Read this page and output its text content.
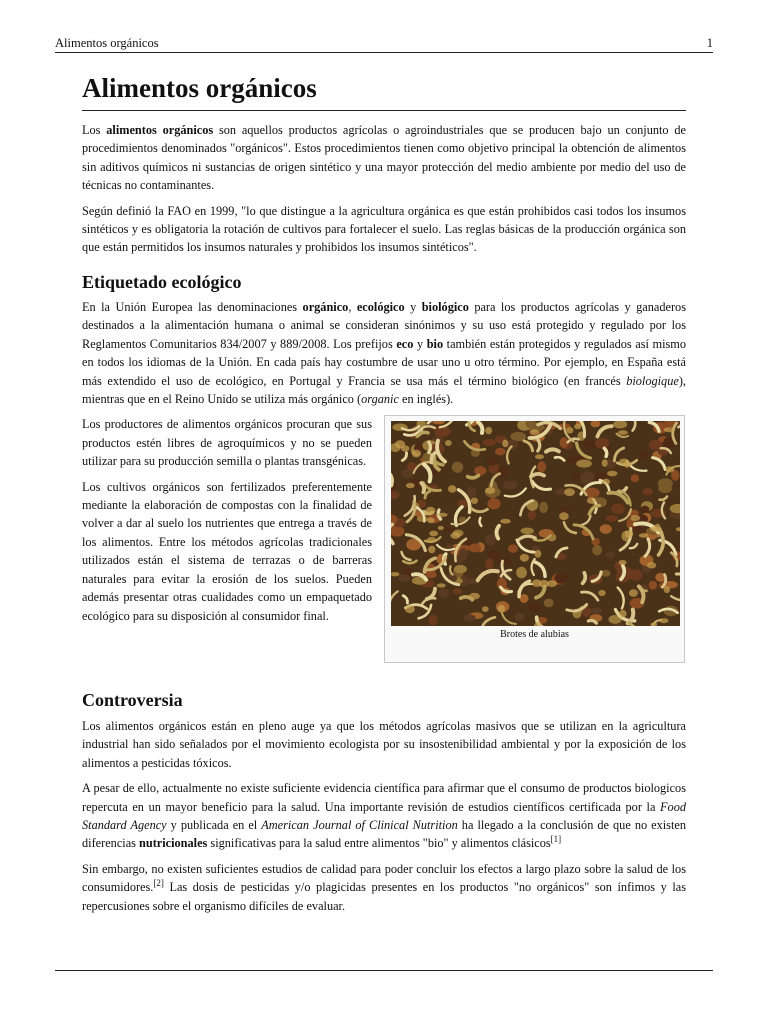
Alimentos orgánicos	1
Alimentos orgánicos

Los alimentos orgánicos son aquellos productos agrícolas o agroindustriales que se producen bajo un conjunto de procedimientos denominados "orgánicos". Estos procedimientos tienen como objetivo principal la obtención de alimentos sin aditivos químicos ni sustancias de origen sintético y una mayor protección del medio ambiente por medio del uso de técnicas no contaminantes.

Según definió la FAO en 1999, "lo que distingue a la agricultura orgánica es que están prohibidos casi todos los insumos sintéticos y es obligatoria la rotación de cultivos para fortalecer el suelo. Las reglas básicas de la producción orgánica son que están permitidos los insumos naturales y prohibidos los insumos sintéticos".

Etiquetado ecológico

En la Unión Europea las denominaciones orgánico, ecológico y biológico para los productos agrícolas y ganaderos destinados a la alimentación humana o animal se consideran sinónimos y su uso está protegido y regulado por los Reglamentos Comunitarios 834/2007 y 889/2008. Los prefijos eco y bio también están protegidos y regulados así mismo en todos los idiomas de la Unión. En cada país hay costumbre de usar uno u otro término. Por ejemplo, en España está más extendido el uso de ecológico, en Portugal y Francia se usa más el término biológico (en francés biologique), mientras que en el Reino Unido se utiliza más orgánico (organic en inglés).

Los productores de alimentos orgánicos procuran que sus productos estén libres de agroquímicos y no se pueden utilizar para su producción semilla o plantas transgénicas.

Los cultivos orgánicos son fertilizados preferentemente mediante la elaboración de compostas con la finalidad de volver a dar al suelo los nutrientes que entrega a través de los alimentos. Entre los métodos agrícolas tradicionales utilizados están el sistema de terrazas o de barreras naturales para evitar la erosión de los suelos. Pueden además presentar otras cualidades como un empaquetado ecológico para su disposición al consumidor final.

Brotes de alubias
Controversia

Los alimentos orgánicos están en pleno auge ya que los métodos agrícolas masivos que se utilizan en la agricultura industrial han sido señalados por el movimiento ecologista por su insostenibilidad ambiental y por la exposición de los alimentos a pesticidas tóxicos.

A pesar de ello, actualmente no existe suficiente evidencia científica para afirmar que el consumo de productos biologicos repercuta en un mayor beneficio para la salud. Una importante revisión de estudios científicos certificada por la Food Standard Agency y publicada en el American Journal of Clinical Nutrition ha llegado a la conclusión de que no existen diferencias nutricionales significativas para la salud entre alimentos "bio" y alimentos clásicos[1]

Sin embargo, no existen suficientes estudios de calidad para poder concluir los efectos a largo plazo sobre la salud de los consumidores.[2] Las dosis de pesticidas y/o plagicidas presentes en los productos "no orgánicos" son ínfimos y las repercusiones sobre el organismo difíciles de evaluar.
